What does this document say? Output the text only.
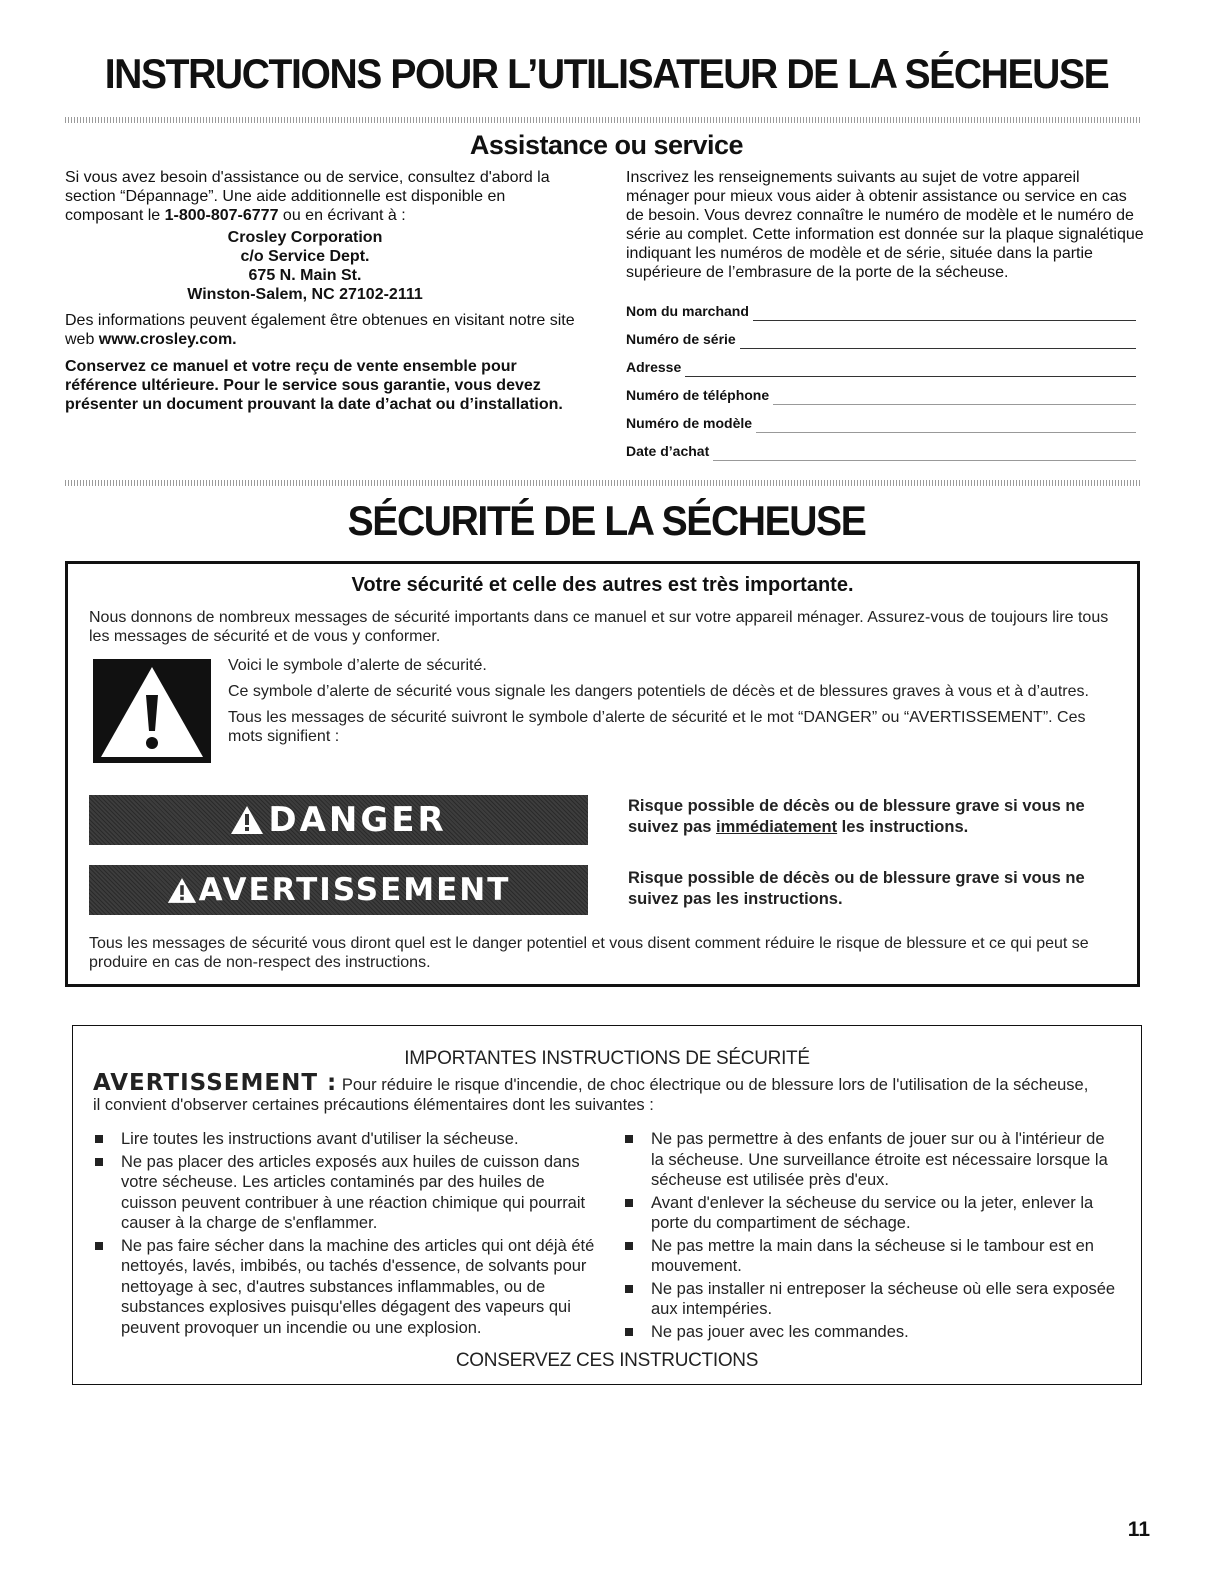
INSTRUCTIONS POUR L’UTILISATEUR DE LA SÉCHEUSE
Assistance ou service
Si vous avez besoin d'assistance ou de service, consultez d'abord la section “Dépannage”. Une aide additionnelle est disponible en composant le 1-800-807-6777 ou en écrivant à :
Crosley Corporation
c/o Service Dept.
675 N. Main St.
Winston-Salem, NC 27102-2111
Des informations peuvent également être obtenues en visitant notre site web www.crosley.com.
Conservez ce manuel et votre reçu de vente ensemble pour référence ultérieure. Pour le service sous garantie, vous devez présenter un document prouvant la date d’achat ou d’installation.
Inscrivez les renseignements suivants au sujet de votre appareil ménager pour mieux vous aider à obtenir assistance ou service en cas de besoin. Vous devrez connaître le numéro de modèle et le numéro de série au complet. Cette information est donnée sur la plaque signalétique indiquant les numéros de modèle et de série, située dans la partie supérieure de l’embrasure de la porte de la sécheuse.
Nom du marchand
Numéro de série
Adresse
Numéro de téléphone
Numéro de modèle
Date d’achat
SÉCURITÉ DE LA SÉCHEUSE
Votre sécurité et celle des autres est très importante.
Nous donnons de nombreux messages de sécurité importants dans ce manuel et sur votre appareil ménager. Assurez-vous de toujours lire tous les messages de sécurité et de vous y conformer.
Voici le symbole d’alerte de sécurité.
Ce symbole d’alerte de sécurité vous signale les dangers potentiels de décès et de blessures graves à vous et à d’autres.
Tous les messages de sécurité suivront le symbole d’alerte de sécurité et le mot “DANGER” ou “AVERTISSEMENT”. Ces mots signifient :
DANGER	Risque possible de décès ou de blessure grave si vous ne suivez pas immédiatement les instructions.
AVERTISSEMENT	Risque possible de décès ou de blessure grave si vous ne suivez pas les instructions.
Tous les messages de sécurité vous diront quel est le danger potentiel et vous disent comment réduire le risque de blessure et ce qui peut se produire en cas de non-respect des instructions.
IMPORTANTES INSTRUCTIONS DE SÉCURITÉ
AVERTISSEMENT : Pour réduire le risque d'incendie, de choc électrique ou de blessure lors de l'utilisation de la sécheuse, il convient d'observer certaines précautions élémentaires dont les suivantes :
Lire toutes les instructions avant d'utiliser la sécheuse.
Ne pas placer des articles exposés aux huiles de cuisson dans votre sécheuse. Les articles contaminés par des huiles de cuisson peuvent contribuer à une réaction chimique qui pourrait causer à la charge de s'enflammer.
Ne pas faire sécher dans la machine des articles qui ont déjà été nettoyés, lavés, imbibés, ou tachés d'essence, de solvants pour nettoyage à sec, d'autres substances inflammables, ou de substances explosives puisqu'elles dégagent des vapeurs qui peuvent provoquer un incendie ou une explosion.
Ne pas permettre à des enfants de jouer sur ou à l'intérieur de la sécheuse. Une surveillance étroite est nécessaire lorsque la sécheuse est utilisée près d'eux.
Avant d'enlever la sécheuse du service ou la jeter, enlever la porte du compartiment de séchage.
Ne pas mettre la main dans la sécheuse si le tambour est en mouvement.
Ne pas installer ni entreposer la sécheuse où elle sera exposée aux intempéries.
Ne pas jouer avec les commandes.
CONSERVEZ CES INSTRUCTIONS
11
